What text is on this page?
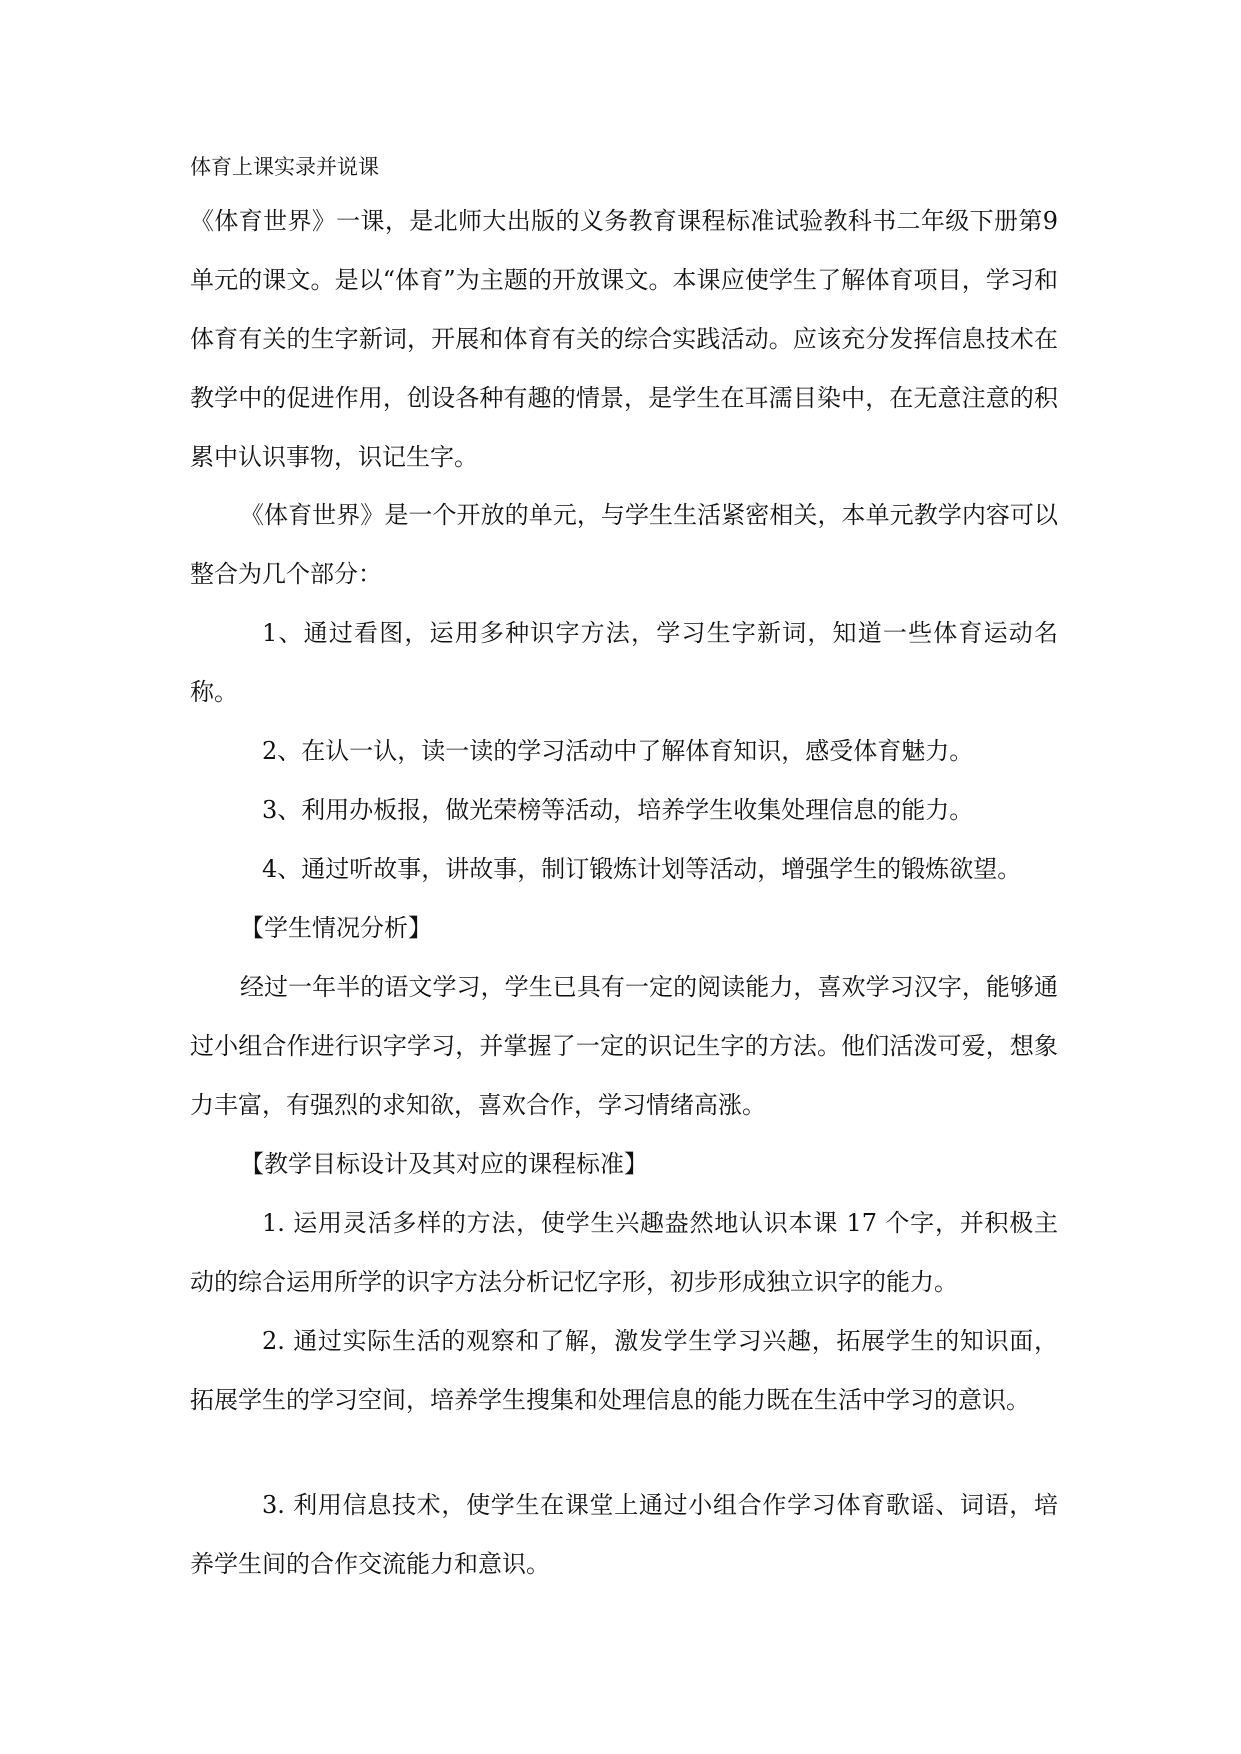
体育上课实录并说课

《体育世界》一课，是北师大出版的义务教育课程标准试验教科书二年级下册第9单元的课文。是以“体育”为主题的开放课文。本课应使学生了解体育项目，学习和体育有关的生字新词，开展和体育有关的综合实践活动。应该充分发挥信息技术在教学中的促进作用，创设各种有趣的情景，是学生在耳濡目染中，在无意注意的积累中认识事物，识记生字。

《体育世界》是一个开放的单元，与学生生活紧密相关，本单元教学内容可以整合为几个部分：

1、通过看图，运用多种识字方法，学习生字新词，知道一些体育运动名称。

2、在认一认，读一读的学习活动中了解体育知识，感受体育魅力。

3、利用办板报，做光荣榜等活动，培养学生收集处理信息的能力。

4、通过听故事，讲故事，制订锻炼计划等活动，增强学生的锻炼欲望。

【学生情况分析】

经过一年半的语文学习，学生已具有一定的阅读能力，喜欢学习汉字，能够通过小组合作进行识字学习，并掌握了一定的识记生字的方法。他们活泼可爱，想象力丰富，有强烈的求知欲，喜欢合作，学习情绪高涨。

【教学目标设计及其对应的课程标准】

1. 运用灵活多样的方法，使学生兴趣盎然地认识本课 17 个字，并积极主动的综合运用所学的识字方法分析记忆字形，初步形成独立识字的能力。

2. 通过实际生活的观察和了解，激发学生学习兴趣，拓展学生的知识面，拓展学生的学习空间，培养学生搜集和处理信息的能力既在生活中学习的意识。

3. 利用信息技术，使学生在课堂上通过小组合作学习体育歌谣、词语，培养学生间的合作交流能力和意识。
